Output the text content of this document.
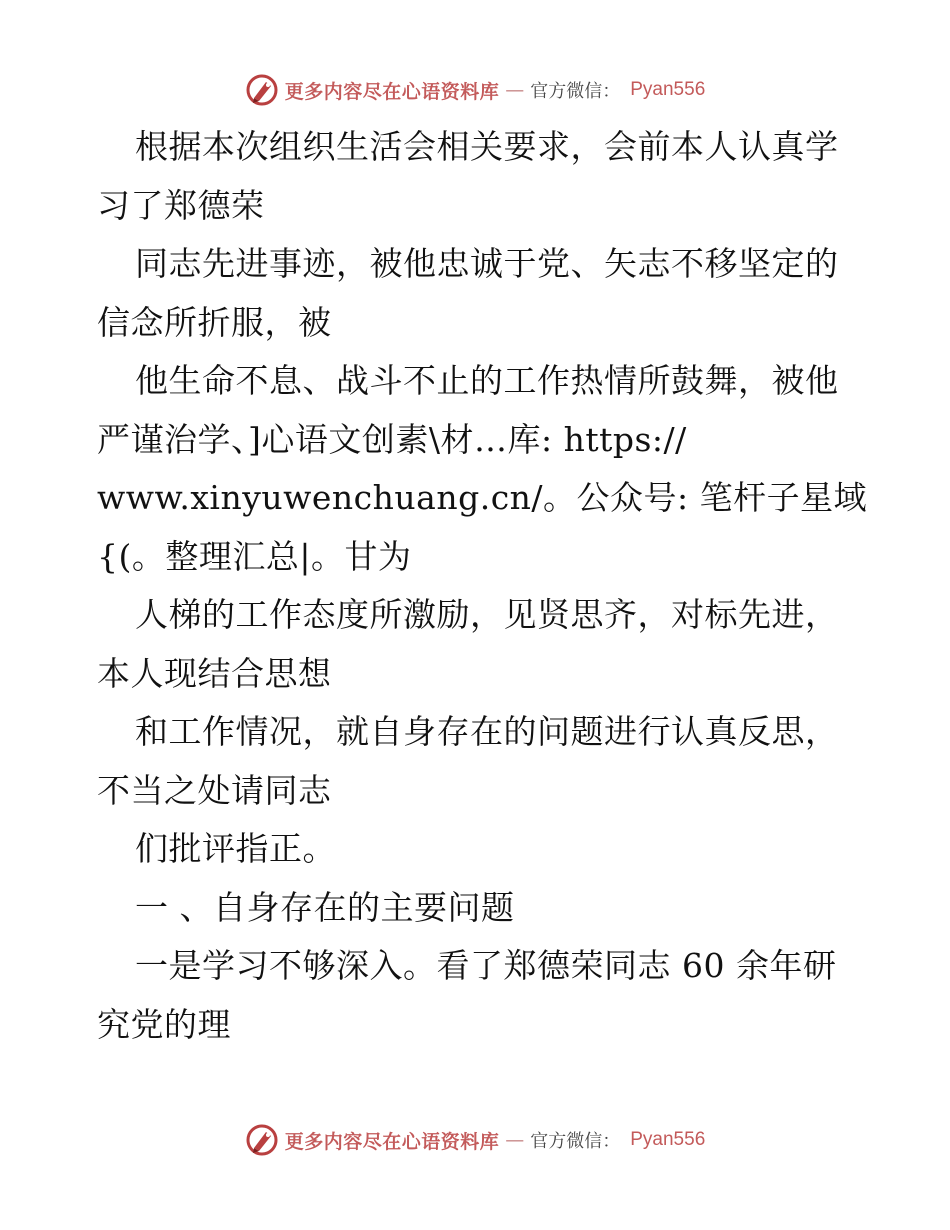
更多内容尽在心语资料库 — 官方微信： Pyan556
根据本次组织生活会相关要求，会前本人认真学
习了郑德荣
同志先进事迹，被他忠诚于党、矢志不移坚定的
信念所折服，被
他生命不息、战斗不止的工作热情所鼓舞，被他
严谨治学、]心语文创素\材…库: https://
www.xinyuwenchuang.cn/。公众号: 笔杆子星域
{(。整理汇总|。甘为
人梯的工作态度所激励，见贤思齐，对标先进，
本人现结合思想
和工作情况，就自身存在的问题进行认真反思，
不当之处请同志
们批评指正。
一 、自身存在的主要问题
一是学习不够深入。看了郑德荣同志 60 余年研
究党的理
更多内容尽在心语资料库 — 官方微信： Pyan556
